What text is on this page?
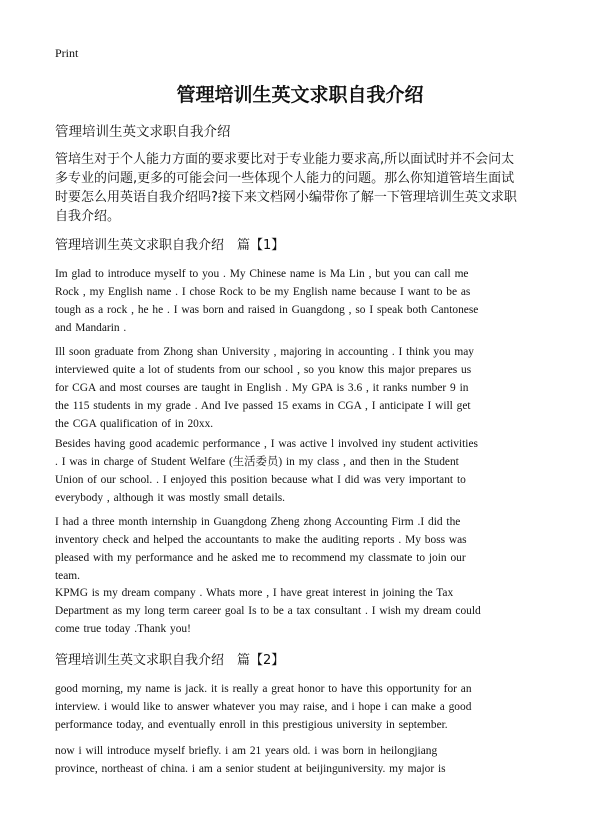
Print
管理培训生英文求职自我介绍
管理培训生英文求职自我介绍
管培生对于个人能力方面的要求要比对于专业能力要求高,所以面试时并不会问太
多专业的问题,更多的可能会问一些体现个人能力的问题。那么你知道管培生面试
时要怎么用英语自我介绍吗?接下来文档网小编带你了解一下管理培训生英文求职
自我介绍。
管理培训生英文求职自我介绍　篇【1】
Im glad to introduce myself to you . My Chinese name is Ma Lin , but you can call me
Rock , my English name . I chose Rock to be my English name because I want to be as
tough as a rock , he he . I was born and raised in Guangdong , so I speak both Cantonese
and Mandarin .
Ill soon graduate from Zhong shan University , majoring in accounting . I think you may
interviewed quite a lot of students from our school , so you know this major prepares us
for CGA and most courses are taught in English . My GPA is 3.6 , it ranks number 9 in
the 115 students in my grade . And Ive passed 15 exams in CGA , I anticipate I will get
the CGA qualification of in 20xx.
Besides having good academic performance , I was active l involved iny student activities
. I was in charge of Student Welfare (生活委员) in my class , and then in the Student
Union of our school. . I enjoyed this position because what I did was very important to
everybody , although it was mostly small details.
I had a three month internship in Guangdong Zheng zhong Accounting Firm .I did the
inventory check and helped the accountants to make the auditing reports . My boss was
pleased with my performance and he asked me to recommend my classmate to join our
team.
KPMG is my dream company . Whats more , I have great interest in joining the Tax
Department as my long term career goal Is to be a tax consultant . I wish my dream could
come true today .Thank you!
管理培训生英文求职自我介绍　篇【2】
good morning, my name is jack. it is really a great honor to have this opportunity for an
interview. i would like to answer whatever you may raise, and i hope i can make a good
performance today, and eventually enroll in this prestigious university in september.
now i will introduce myself briefly. i am 21 years old. i was born in heilongjiang
province, northeast of china. i am a senior student at beijinguniversity. my major is
